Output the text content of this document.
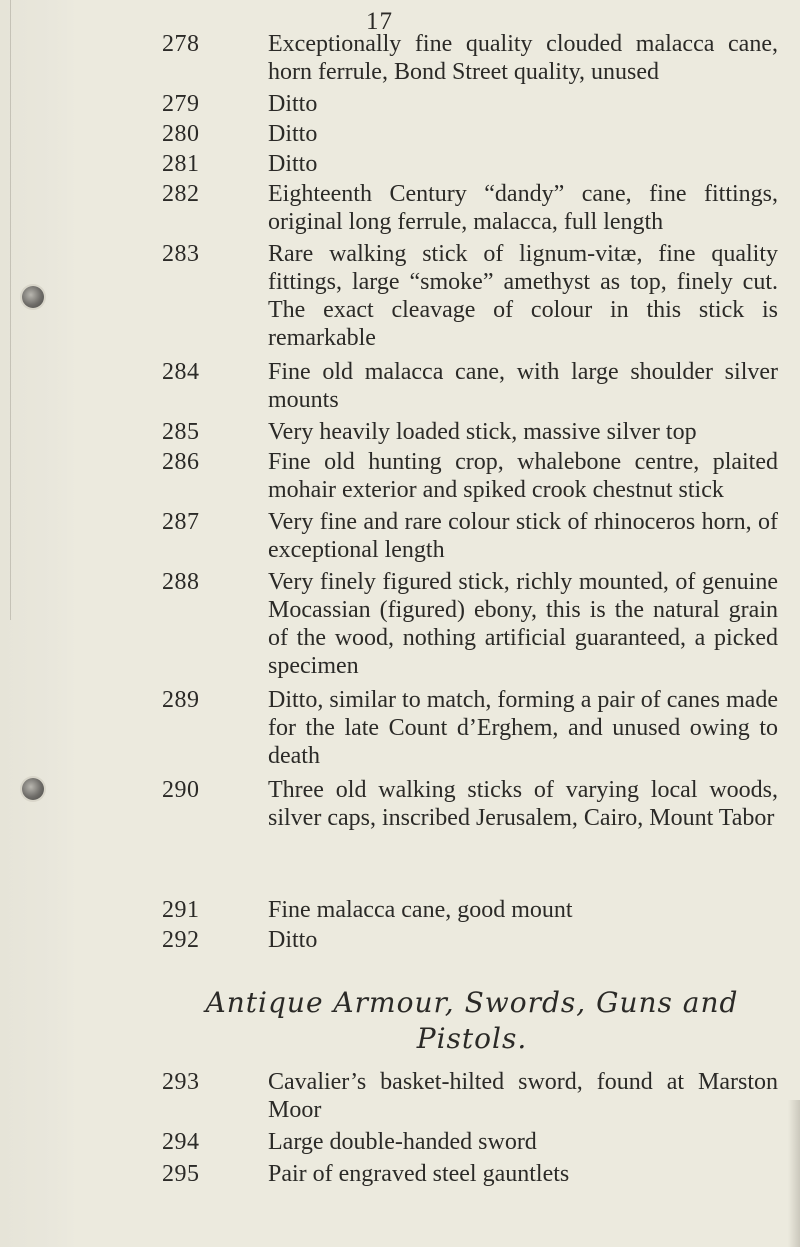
17
278	Exceptionally fine quality clouded malacca cane, horn ferrule, Bond Street quality, unused
279	Ditto
280	Ditto
281	Ditto
282	Eighteenth Century “dandy” cane, fine fittings, original long ferrule, malacca, full length
283	Rare walking stick of lignum-vitæ, fine quality fittings, large “smoke” amethyst as top, finely cut. The exact cleavage of colour in this stick is remarkable
284	Fine old malacca cane, with large shoulder silver mounts
285	Very heavily loaded stick, massive silver top
286	Fine old hunting crop, whalebone centre, plaited mohair exterior and spiked crook chestnut stick
287	Very fine and rare colour stick of rhinoceros horn, of exceptional length
288	Very finely figured stick, richly mounted, of genuine Mocassian (figured) ebony, this is the natural grain of the wood, nothing artificial guaranteed, a picked specimen
289	Ditto, similar to match, forming a pair of canes made for the late Count d’Erghem, and unused owing to death
290	Three old walking sticks of varying local woods, silver caps, inscribed Jerusalem, Cairo, Mount Tabor
291	Fine malacca cane, good mount
292	Ditto
Antique Armour, Swords, Guns and Pistols.
293	Cavalier’s basket-hilted sword, found at Marston Moor
294	Large double-handed sword
295	Pair of engraved steel gauntlets
